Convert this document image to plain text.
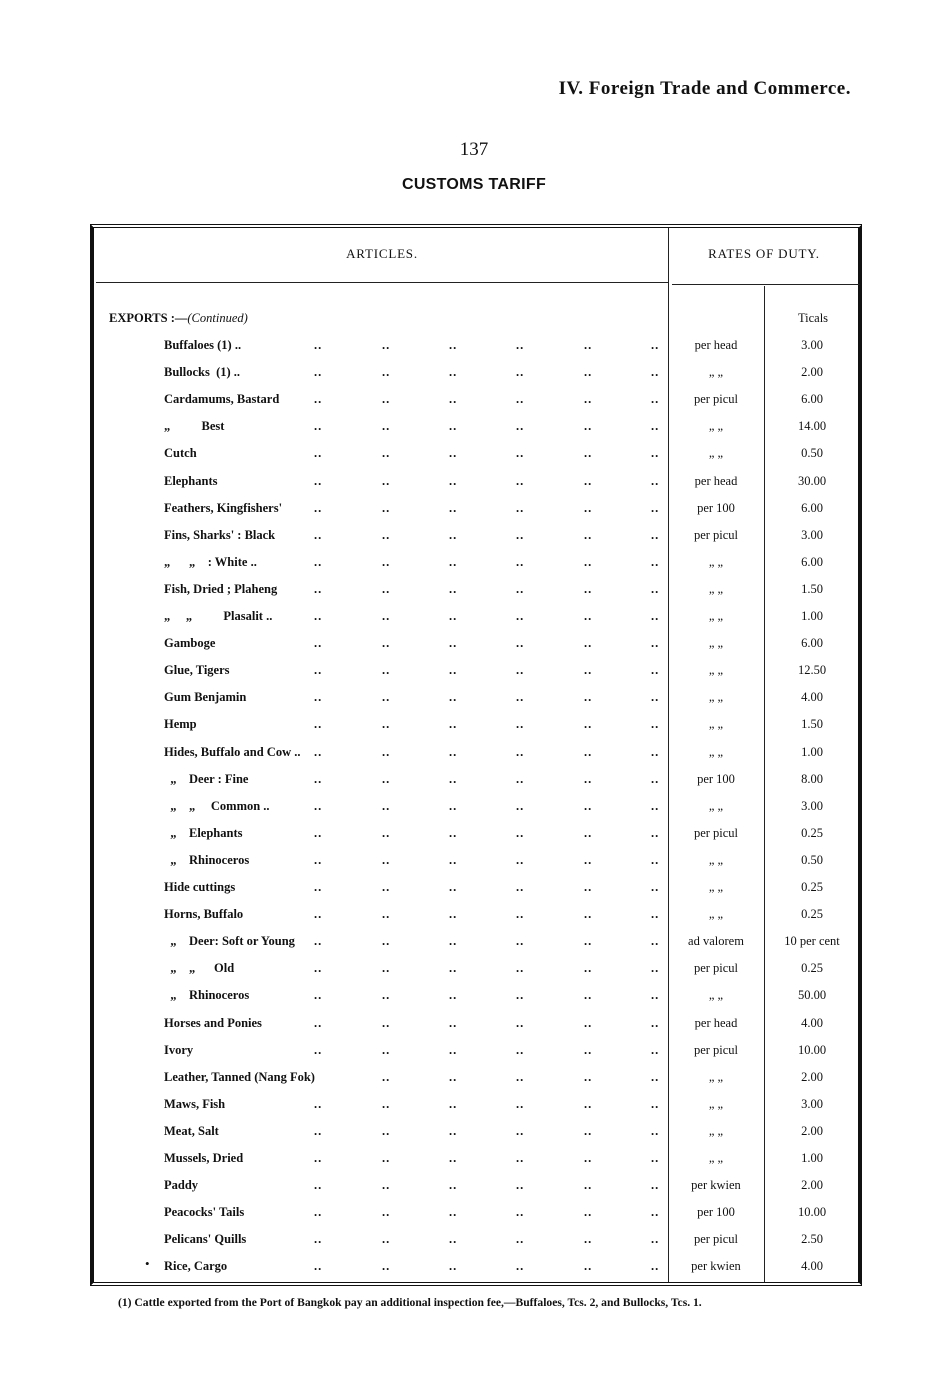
IV. Foreign Trade and Commerce.
137
CUSTOMS TARIFF
ARTICLES.	RATES OF DUTY.
EXPORTS :—(Continued)	Ticals
Buffaloes (1) ..	..	..	..	..	..	..	per head	3.00
Bullocks  (1) ..	..	..	..	..	..	..	„ „	2.00
Cardamums, Bastard	..	..	..	..	..	..	per picul	6.00
„          Best	..	..	..	..	..	..	„ „	14.00
Cutch	..	..	..	..	..	..	„ „	0.50
Elephants	..	..	..	..	..	..	per head	30.00
Feathers, Kingfishers'	..	..	..	..	..	..	per 100	6.00
Fins, Sharks' : Black	..	..	..	..	..	..	per picul	3.00
„      „    : White ..	..	..	..	..	..	..	„ „	6.00
Fish, Dried ; Plaheng	..	..	..	..	..	..	„ „	1.50
„     „          Plasalit ..	..	..	..	..	..	..	„ „	1.00
Gamboge	..	..	..	..	..	..	„ „	6.00
Glue, Tigers	..	..	..	..	..	..	„ „	12.50
Gum Benjamin	..	..	..	..	..	..	„ „	4.00
Hemp	..	..	..	..	..	..	„ „	1.50
Hides, Buffalo and Cow .. ..	..	..	..	..	..	„ „	1.00
„    Deer : Fine	..	..	..	..	..	..	per 100	8.00
„    „     Common ..	..	..	..	..	..	..	„ „	3.00
„    Elephants	..	..	..	..	..	..	per picul	0.25
„    Rhinoceros	..	..	..	..	..	..	„ „	0.50
Hide cuttings	..	..	..	..	..	..	„ „	0.25
Horns, Buffalo	..	..	..	..	..	..	„ „	0.25
„    Deer: Soft or Young ..	..	..	..	..	..	ad valorem	10 per cent
„    „      Old	..	..	..	..	..	..	per picul	0.25
„    Rhinoceros	..	..	..	..	..	..	„ „	50.00
Horses and Ponies	..	..	..	..	..	..	per head	4.00
Ivory	..	..	..	..	..	..	per picul	10.00
Leather, Tanned (Nang Fok)	..	..	..	..	..	„ „	2.00
Maws, Fish	..	..	..	..	..	..	„ „	3.00
Meat, Salt	..	..	..	..	..	..	„ „	2.00
Mussels, Dried	..	..	..	..	..	..	„ „	1.00
Paddy	..	..	..	..	..	..	per kwien	2.00
Peacocks' Tails	..	..	..	..	..	..	per 100	10.00
Pelicans' Quills	..	..	..	..	..	..	per picul	2.50
Rice, Cargo	..	..	..	..	..	..	per kwien	4.00
•
(1) Cattle exported from the Port of Bangkok pay an additional inspection fee,—Buffaloes, Tcs. 2, and Bullocks, Tcs. 1.
